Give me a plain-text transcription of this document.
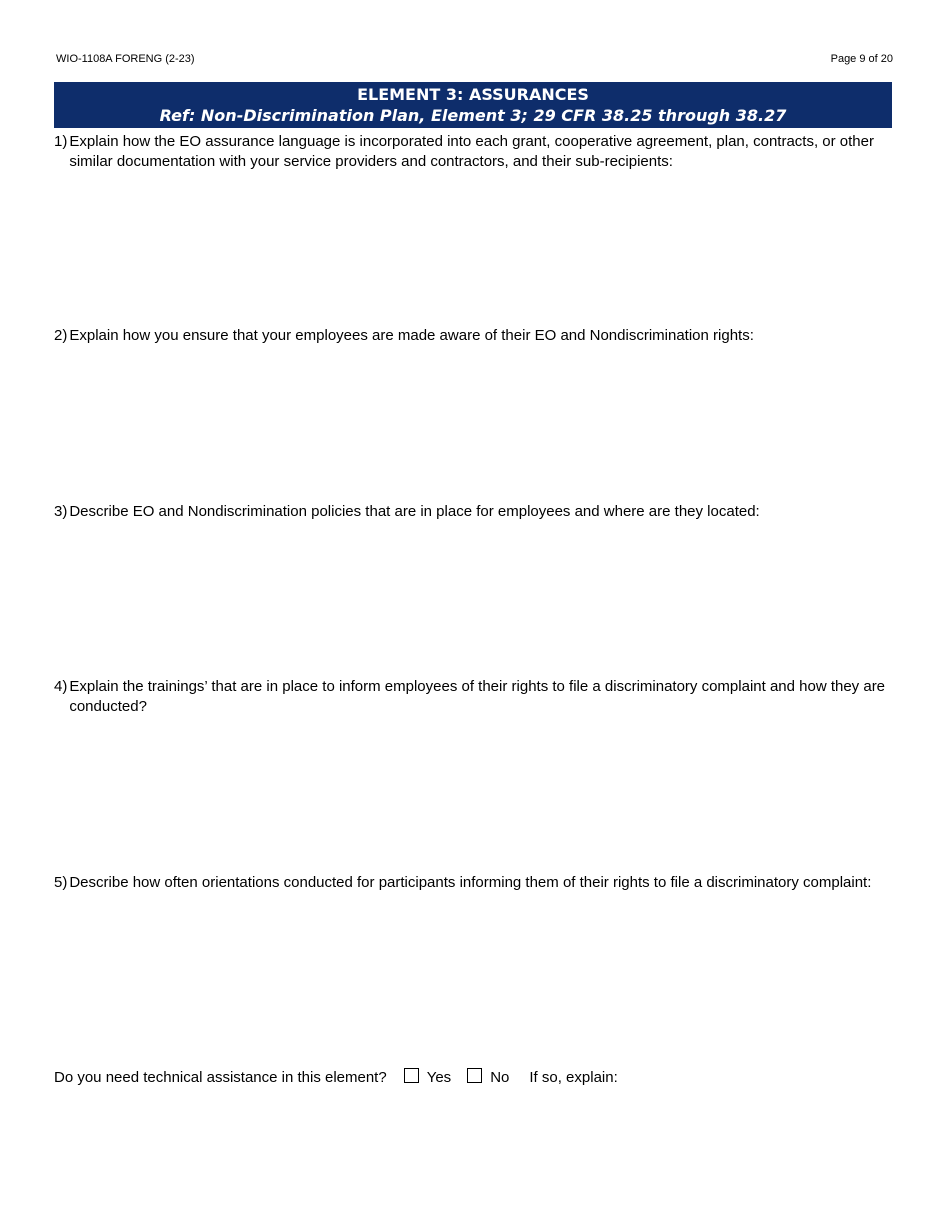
WIO-1108A FORENG (2-23)	Page 9 of 20
ELEMENT 3: ASSURANCES
Ref: Non-Discrimination Plan, Element 3; 29 CFR 38.25 through 38.27
1) Explain how the EO assurance language is incorporated into each grant, cooperative agreement, plan, contracts, or other similar documentation with your service providers and contractors, and their sub-recipients:
2) Explain how you ensure that your employees are made aware of their EO and Nondiscrimination rights:
3) Describe EO and Nondiscrimination policies that are in place for employees and where are they located:
4) Explain the trainings’ that are in place to inform employees of their rights to file a discriminatory complaint and how they are conducted?
5) Describe how often orientations conducted for participants informing them of their rights to file a discriminatory complaint:
Do you need technical assistance in this element?	Yes	No If so, explain:
